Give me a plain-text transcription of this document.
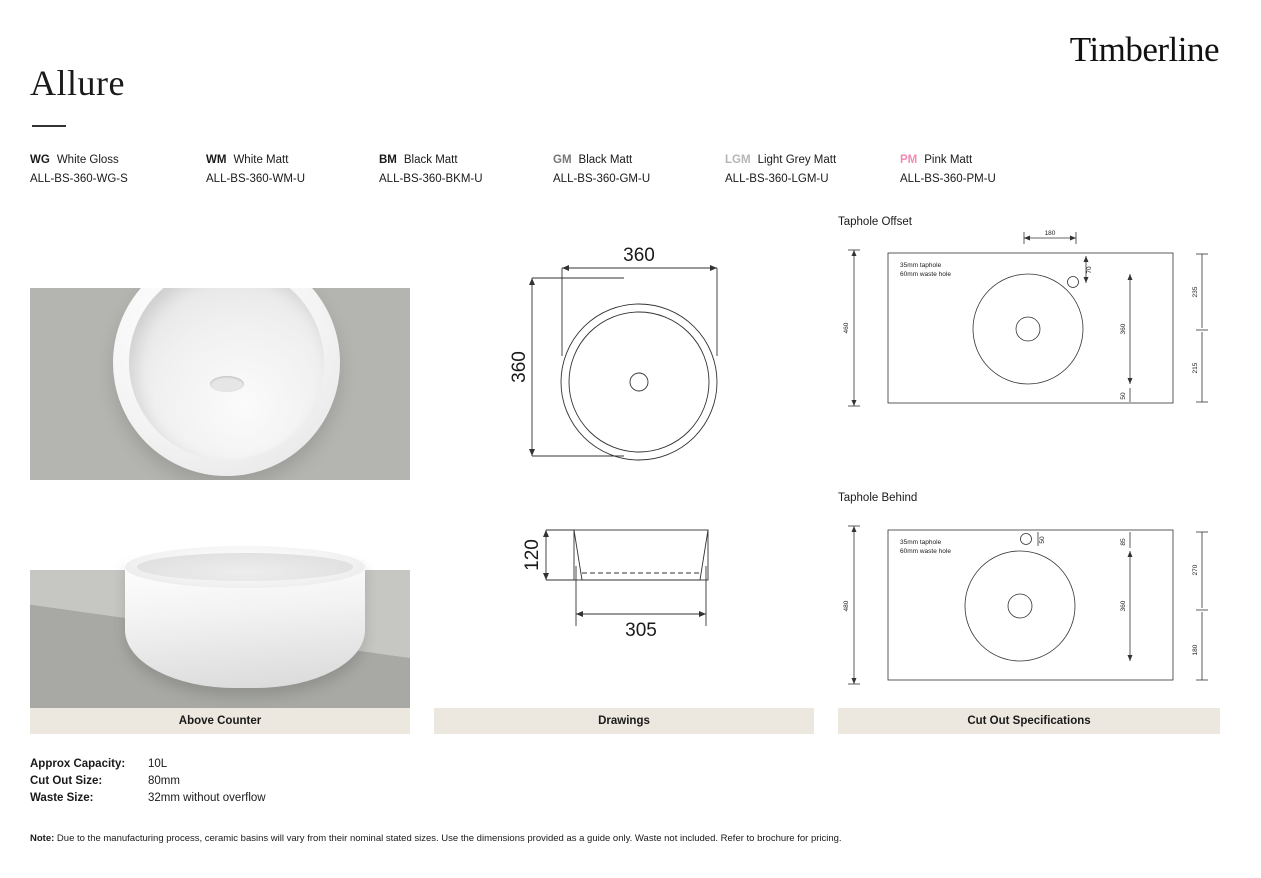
Timberline
Allure
WG White Gloss
ALL-BS-360-WG-S
WM White Matt
ALL-BS-360-WM-U
BM Black Matt
ALL-BS-360-BKM-U
GM Black Matt
ALL-BS-360-GM-U
LGM Light Grey Matt
ALL-BS-360-LGM-U
PM Pink Matt
ALL-BS-360-PM-U
360
360
120
305
Taphole Offset
Taphole Behind
35mm taphole
60mm waste hole
180
70
460	360
50
235
215
35mm taphole
60mm waste hole
50
480
85
360
270
180
Above Counter	Drawings	Cut Out Specifications
Approx Capacity:	10L
Cut Out Size:	80mm
Waste Size:	32mm without overflow
Note: Due to the manufacturing process, ceramic basins will vary from their nominal stated sizes. Use the dimensions provided as a guide only. Waste not included. Refer to brochure for pricing.
